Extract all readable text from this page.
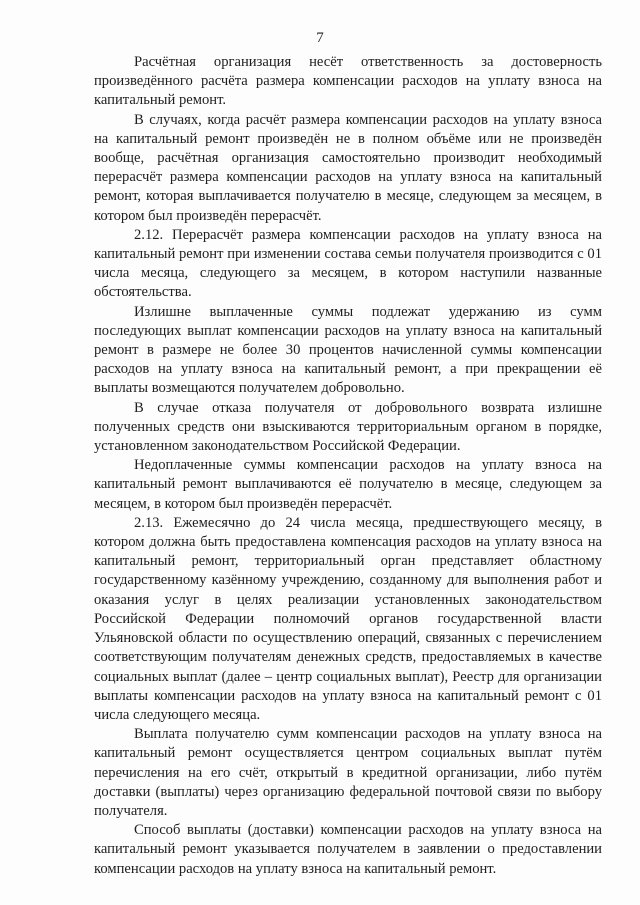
7

Расчётная организация несёт ответственность за достоверность произведённого расчёта размера компенсации расходов на уплату взноса на капитальный ремонт.

В случаях, когда расчёт размера компенсации расходов на уплату взноса на капитальный ремонт произведён не в полном объёме или не произведён вообще, расчётная организация самостоятельно производит необходимый перерасчёт размера компенсации расходов на уплату взноса на капитальный ремонт, которая выплачивается получателю в месяце, следующем за месяцем, в котором был произведён перерасчёт.

2.12. Перерасчёт размера компенсации расходов на уплату взноса на капитальный ремонт при изменении состава семьи получателя производится с 01 числа месяца, следующего за месяцем, в котором наступили названные обстоятельства.

Излишне выплаченные суммы подлежат удержанию из сумм последующих выплат компенсации расходов на уплату взноса на капитальный ремонт в размере не более 30 процентов начисленной суммы компенсации расходов на уплату взноса на капитальный ремонт, а при прекращении её выплаты возмещаются получателем добровольно.

В случае отказа получателя от добровольного возврата излишне полученных средств они взыскиваются территориальным органом в порядке, установленном законодательством Российской Федерации.

Недоплаченные суммы компенсации расходов на уплату взноса на капитальный ремонт выплачиваются её получателю в месяце, следующем за месяцем, в котором был произведён перерасчёт.

2.13. Ежемесячно до 24 числа месяца, предшествующего месяцу, в котором должна быть предоставлена компенсация расходов на уплату взноса на капитальный ремонт, территориальный орган представляет областному государственному казённому учреждению, созданному для выполнения работ и оказания услуг в целях реализации установленных законодательством Российской Федерации полномочий органов государственной власти Ульяновской области по осуществлению операций, связанных с перечислением соответствующим получателям денежных средств, предоставляемых в качестве социальных выплат (далее – центр социальных выплат), Реестр для организации выплаты компенсации расходов на уплату взноса на капитальный ремонт с 01 числа следующего месяца.

Выплата получателю сумм компенсации расходов на уплату взноса на капитальный ремонт осуществляется центром социальных выплат путём перечисления на его счёт, открытый в кредитной организации, либо путём доставки (выплаты) через организацию федеральной почтовой связи по выбору получателя.

Способ выплаты (доставки) компенсации расходов на уплату взноса на капитальный ремонт указывается получателем в заявлении о предоставлении компенсации расходов на уплату взноса на капитальный ремонт.
